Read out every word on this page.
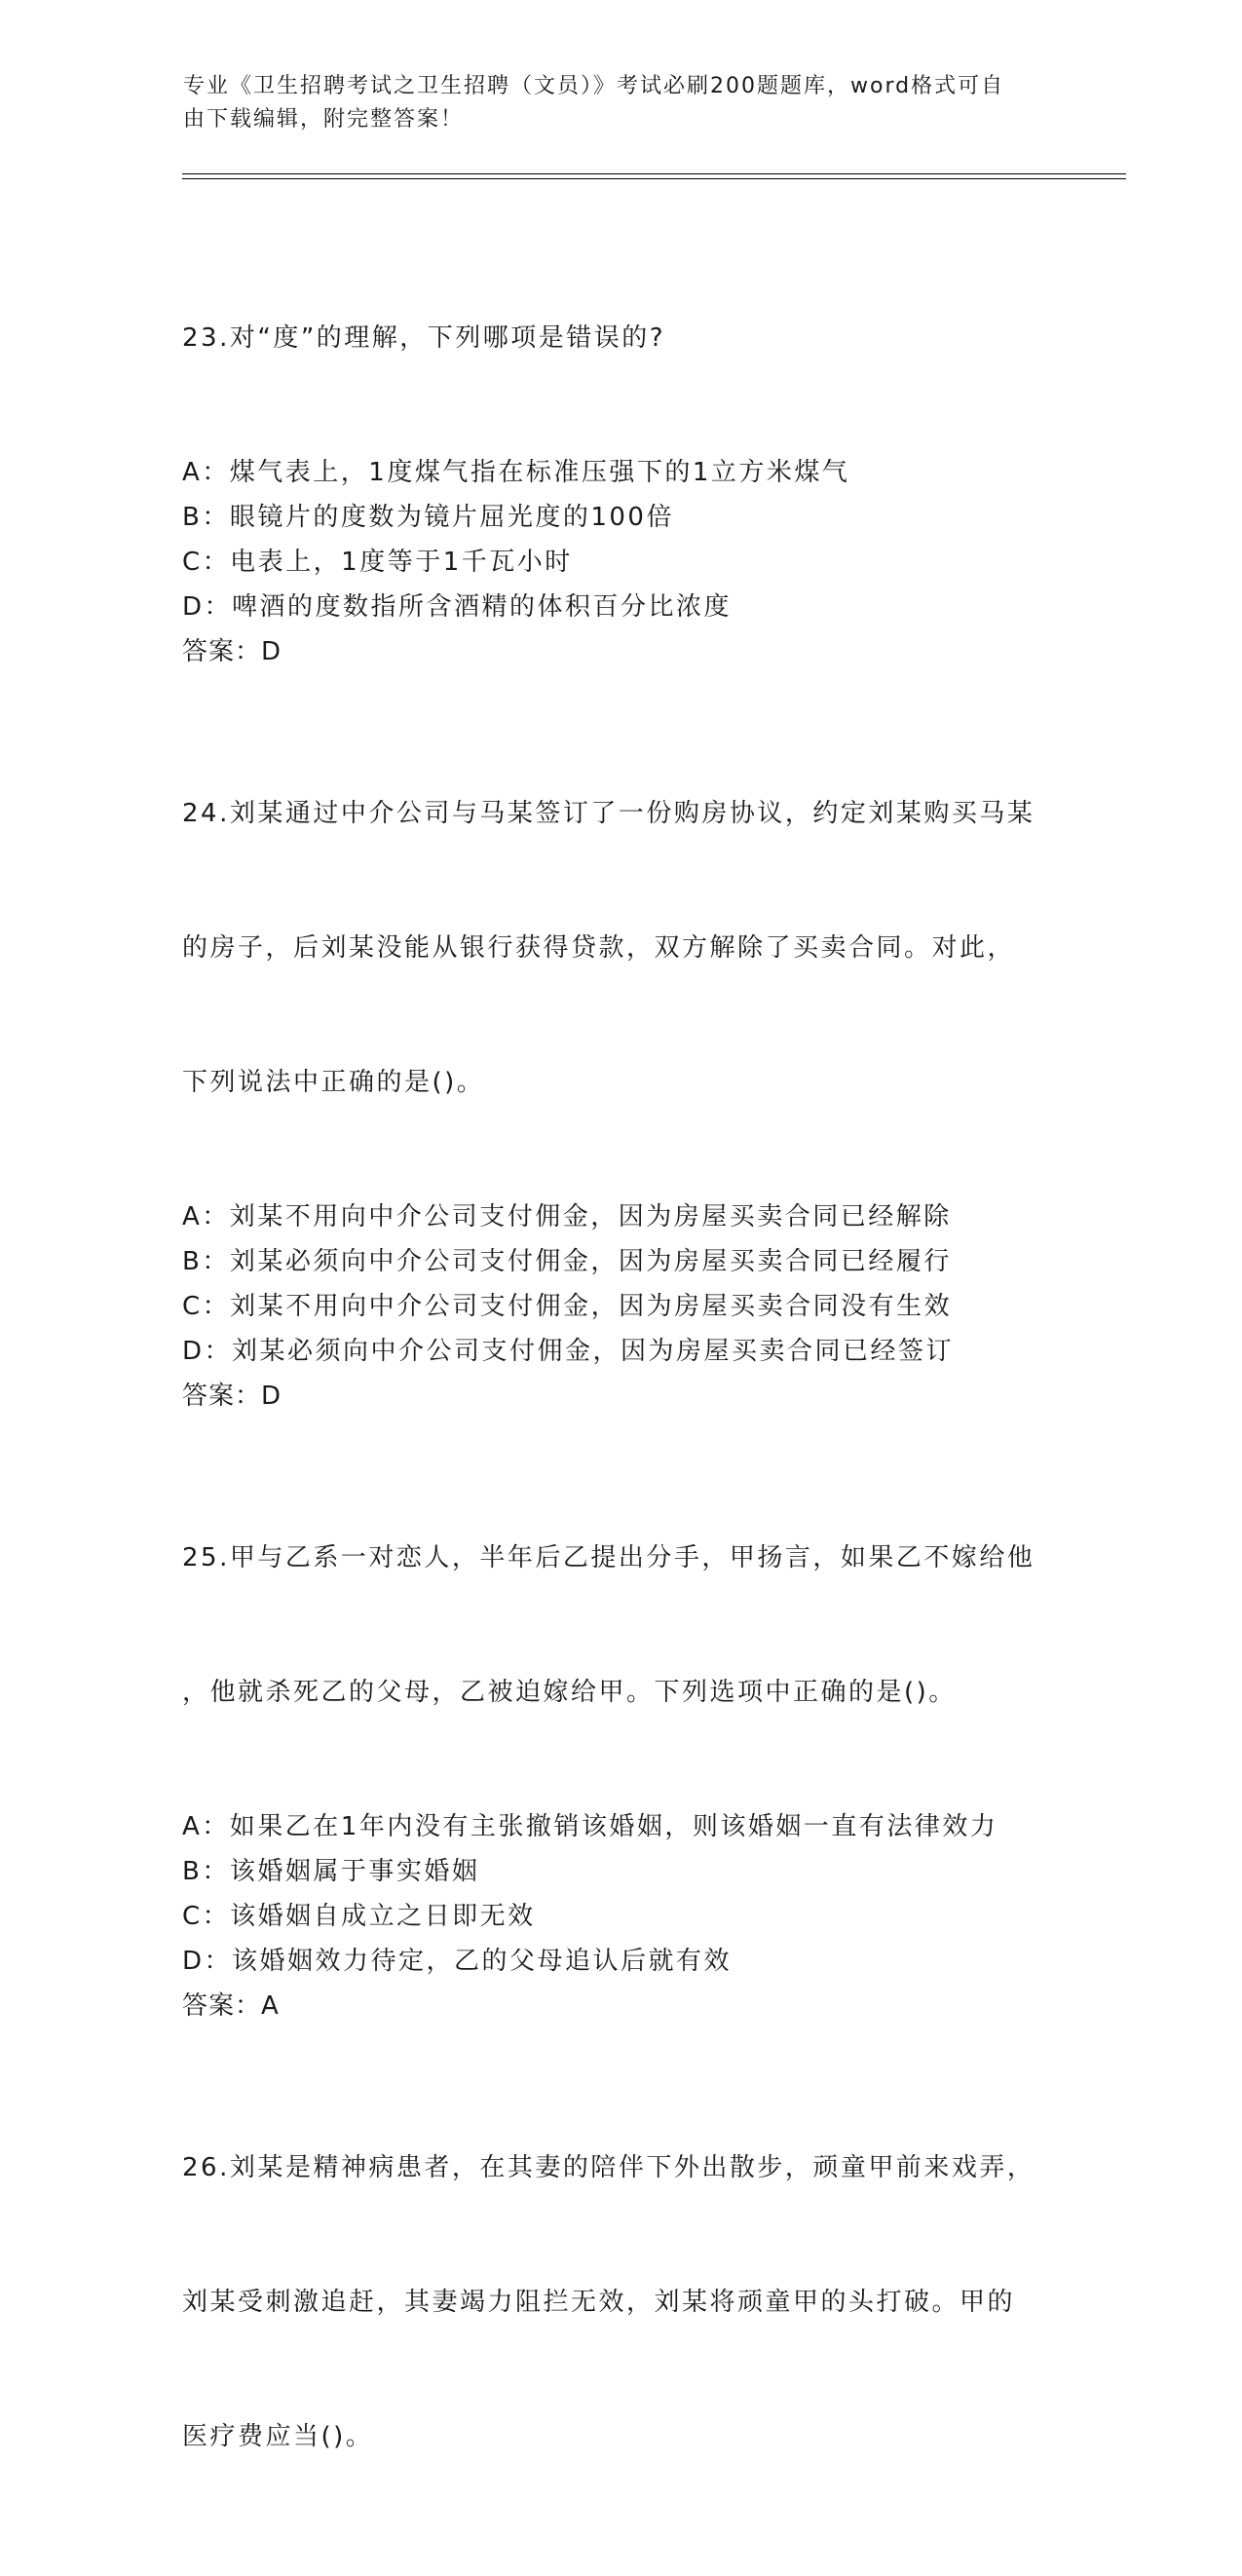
专业《卫生招聘考试之卫生招聘（文员）》考试必刷200题题库，word格式可自
由下载编辑，附完整答案！

23.对“度”的理解，下列哪项是错误的?

A：煤气表上，1度煤气指在标准压强下的1立方米煤气
B：眼镜片的度数为镜片屈光度的100倍
C：电表上，1度等于1千瓦小时
D：啤酒的度数指所含酒精的体积百分比浓度
答案：D

24.刘某通过中介公司与马某签订了一份购房协议，约定刘某购买马某

的房子，后刘某没能从银行获得贷款，双方解除了买卖合同。对此，

下列说法中正确的是()。

A：刘某不用向中介公司支付佣金，因为房屋买卖合同已经解除
B：刘某必须向中介公司支付佣金，因为房屋买卖合同已经履行
C：刘某不用向中介公司支付佣金，因为房屋买卖合同没有生效
D：刘某必须向中介公司支付佣金，因为房屋买卖合同已经签订
答案：D

25.甲与乙系一对恋人，半年后乙提出分手，甲扬言，如果乙不嫁给他

，他就杀死乙的父母，乙被迫嫁给甲。下列选项中正确的是()。

A：如果乙在1年内没有主张撤销该婚姻，则该婚姻一直有法律效力
B：该婚姻属于事实婚姻
C：该婚姻自成立之日即无效
D：该婚姻效力待定，乙的父母追认后就有效
答案：A

26.刘某是精神病患者，在其妻的陪伴下外出散步，顽童甲前来戏弄，

刘某受刺激追赶，其妻竭力阻拦无效，刘某将顽童甲的头打破。甲的

医疗费应当()。
